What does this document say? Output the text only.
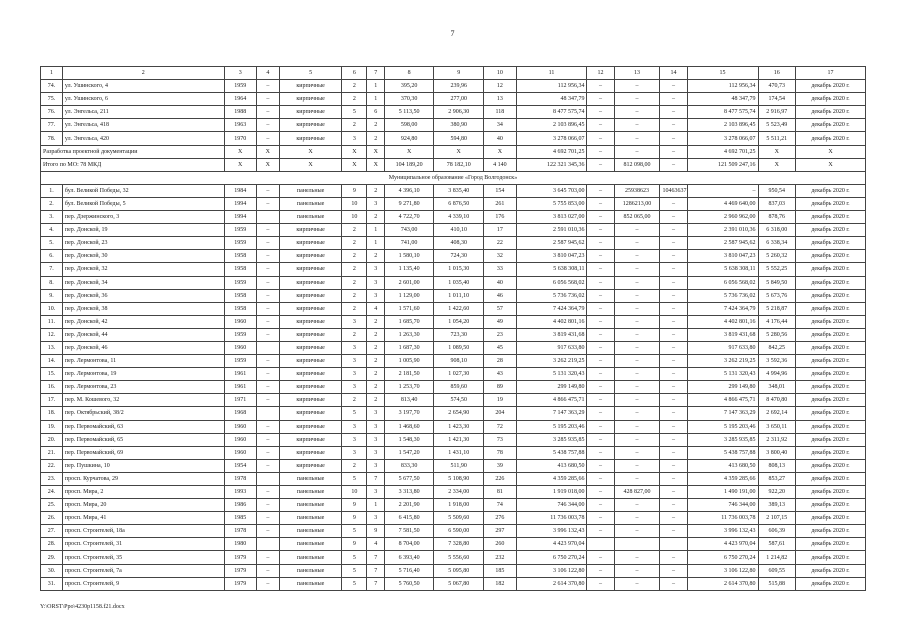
7
1	2	3	4	5	6	7	8	9	10	11	12	13	14	15	16	17
74.	ул. Ушинского, 4	1959	–	кирпичные	2	1	395,20	239,96	12	112 956,34	–	–	–	112 956,34	470,73	декабрь 2020 г.
75.	ул. Ушинского, 6	1964	–	кирпичные	2	1	370,30	277,00	13	48 347,79	–	–	–	48 347,79	174,54	декабрь 2020 г.
76.	ул. Энгельса, 211	1988	–	кирпичные	5	6	5 113,50	2 906,30	118	8 477 575,74	–	–	–	8 477 575,74	2 916,97	декабрь 2020 г.
77.	ул. Энгельса, 418	1963	–	кирпичные	2	2	598,00	380,90	34	2 103 896,45	–	–	–	2 103 896,45	5 523,49	декабрь 2020 г.
78.	ул. Энгельса, 420	1970	–	кирпичные	3	2	924,80	594,80	40	3 278 066,07	–	–	–	3 278 066,07	5 511,21	декабрь 2020 г.
Разработка проектной документации		X	X	X	X	X	X	X	X	4 692 701,25	–	–	–	4 692 701,25	X	X
Итого по МО: 78 МКД		X	X	X	X	X	104 189,20	78 182,10	4 140	122 321 345,36	–	812 098,00	–	121 509 247,16	X	X
Муниципальное образование «Город Волгодонск»																
1.	бул. Великой Победы, 32	1984	–	панельные	9	2	4 396,10	3 835,40	154	3 645 703,00	–	25938623	10463637	–	950,54	декабрь 2020 г.
2.	бул. Великой Победы, 5	1994	–	панельные	10	3	9 271,80	6 876,50	261	5 755 853,00	–	1286213,00	–	4 469 640,00	837,03	декабрь 2020 г.
3.	пер. Дзержинского, 3	1994		панельные	10	2	4 722,70	4 339,10	176	3 813 027,00	–	852 065,00	–	2 960 962,00	878,76	декабрь 2020 г.
4.	пер. Донской, 19	1959	–	кирпичные	2	1	743,00	410,10	17	2 591 010,36	–	–	–	2 391 010,36	6 318,00	декабрь 2020 г.
5.	пер. Донской, 23	1959	–	кирпичные	2	1	741,00	408,30	22	2 587 945,62	–	–	–	2 587 945,62	6 338,34	декабрь 2020 г.
6.	пер. Донской, 30	1958	–	кирпичные	2	2	1 580,10	724,30	32	3 810 047,23	–	–	–	3 810 047,23	5 260,32	декабрь 2020 г.
7.	пер. Донской, 32	1958	–	кирпичные	2	3	1 135,40	1 015,30	33	5 638 308,11	–	–	–	5 638 308,11	5 552,25	декабрь 2020 г.
8.	пер. Донской, 34	1959	–	кирпичные	2	3	2 601,00	1 035,40	40	6 056 568,02	–	–	–	6 056 568,02	5 849,50	декабрь 2020 г.
9.	пер. Донской, 36	1958	–	кирпичные	2	3	1 129,00	1 011,10	46	5 736 736,02	–	–	–	5 736 736,02	5 673,76	декабрь 2020 г.
10.	пер. Донской, 38	1958	–	кирпичные	2	4	1 571,60	1 422,60	57	7 424 364,79	–	–	–	7 424 364,79	5 218,87	декабрь 2020 г.
11.	пер. Донской, 42	1960	–	кирпичные	3	2	1 685,70	1 054,20	49	4 402 801,16	–	–	–	4 402 801,16	4 176,44	декабрь 2020 г.
12.	пер. Донской, 44	1959	–	кирпичные	2	2	1 263,30	723,30	23	3 819 431,68	–	–	–	3 819 431,68	5 280,56	декабрь 2020 г.
13.	пер. Донской, 46	1960		кирпичные	3	2	1 687,30	1 089,50	45	917 633,80	–	–	–	917 633,80	842,25	декабрь 2020 г.
14.	пер. Лермонтова, 11	1959	–	кирпичные	3	2	1 005,90	908,10	28	3 262 219,25	–	–	–	3 262 219,25	3 592,36	декабрь 2020 г.
15.	пер. Лермонтова, 19	1961	–	кирпичные	3	2	2 181,50	1 027,30	43	5 131 320,43	–	–	–	5 131 320,43	4 994,96	декабрь 2020 г.
16.	пер. Лермонтова, 23	1961	–	кирпичные	3	2	1 253,70	859,60	89	299 149,80	–	–	–	299 149,80	348,01	декабрь 2020 г.
17.	пер. М. Кошевого, 32	1971	–	кирпичные	2	2	813,40	574,50	19	4 866 475,71	–	–	–	4 866 475,71	8 470,80	декабрь 2020 г.
18.	пер. Октябрьский, 38/2	1968		кирпичные	5	3	3 197,70	2 654,90	204	7 147 363,29	–	–	–	7 147 363,29	2 692,14	декабрь 2020 г.
19.	пер. Первомайский, 63	1960	–	кирпичные	3	3	1 468,60	1 423,30	72	5 195 203,46	–	–	–	5 195 203,46	3 650,11	декабрь 2020 г.
20.	пер. Первомайский, 65	1960	–	кирпичные	3	3	1 548,30	1 421,30	73	3 285 935,85	–	–	–	3 285 935,85	2 311,92	декабрь 2020 г.
21.	пер. Первомайский, 69	1960	–	кирпичные	3	3	1 547,20	1 431,10	78	5 438 757,88	–	–	–	5 438 757,88	3 800,40	декабрь 2020 г.
22.	пер. Пушкина, 10	1954	–	кирпичные	2	3	833,30	511,90	39	413 680,50	–	–	–	413 680,50	808,13	декабрь 2020 г.
23.	просп. Курчатова, 29	1978		панельные	5	7	5 677,50	5 108,90	226	4 359 285,66	–	–	–	4 359 285,66	853,27	декабрь 2020 г.
24.	просп. Мира, 2	1993	–	панельные	10	3	3 313,80	2 334,00	81	1 919 018,00	–	428 827,00	–	1 490 191,00	922,20	декабрь 2020 г.
25.	просп. Мира, 20	1986	–	панельные	9	1	2 201,90	1 918,00	74	746 344,00	–	–	–	746 344,00	389,13	декабрь 2020 г.
26.	просп. Мира, 41	1985	–	панельные	9	3	6 415,80	5 509,60	276	11 736 003,78	–	–	–	11 736 003,78	2 107,15	декабрь 2020 г.
27.	просп. Строителей, 18а	1978	–	панельные	5	9	7 581,50	6 590,00	297	3 996 132,43	–	–	–	3 996 132,43	606,39	декабрь 2020 г.
28.	просп. Строителей, 31	1980		панельные	9	4	8 704,00	7 328,80	260	4 423 970,04				4 423 970,04	587,61	декабрь 2020 г.
29.	просп. Строителей, 35	1979	–	панельные	5	7	6 393,40	5 556,60	232	6 750 270,24	–	–	–	6 750 270,24	1 214,82	декабрь 2020 г.
30.	просп. Строителей, 7а	1979	–	панельные	5	7	5 716,40	5 095,80	185	3 106 122,80	–	–	–	3 106 122,80	609,55	декабрь 2020 г.
31.	просп. Строителей, 9	1979	–	панельные	5	7	5 760,50	5 067,80	182	2 614 370,80	–	–	–	2 614 370,80	515,88	декабрь 2020 г.
Y:\ORST\Ppo\4230p1158.f21.docx
